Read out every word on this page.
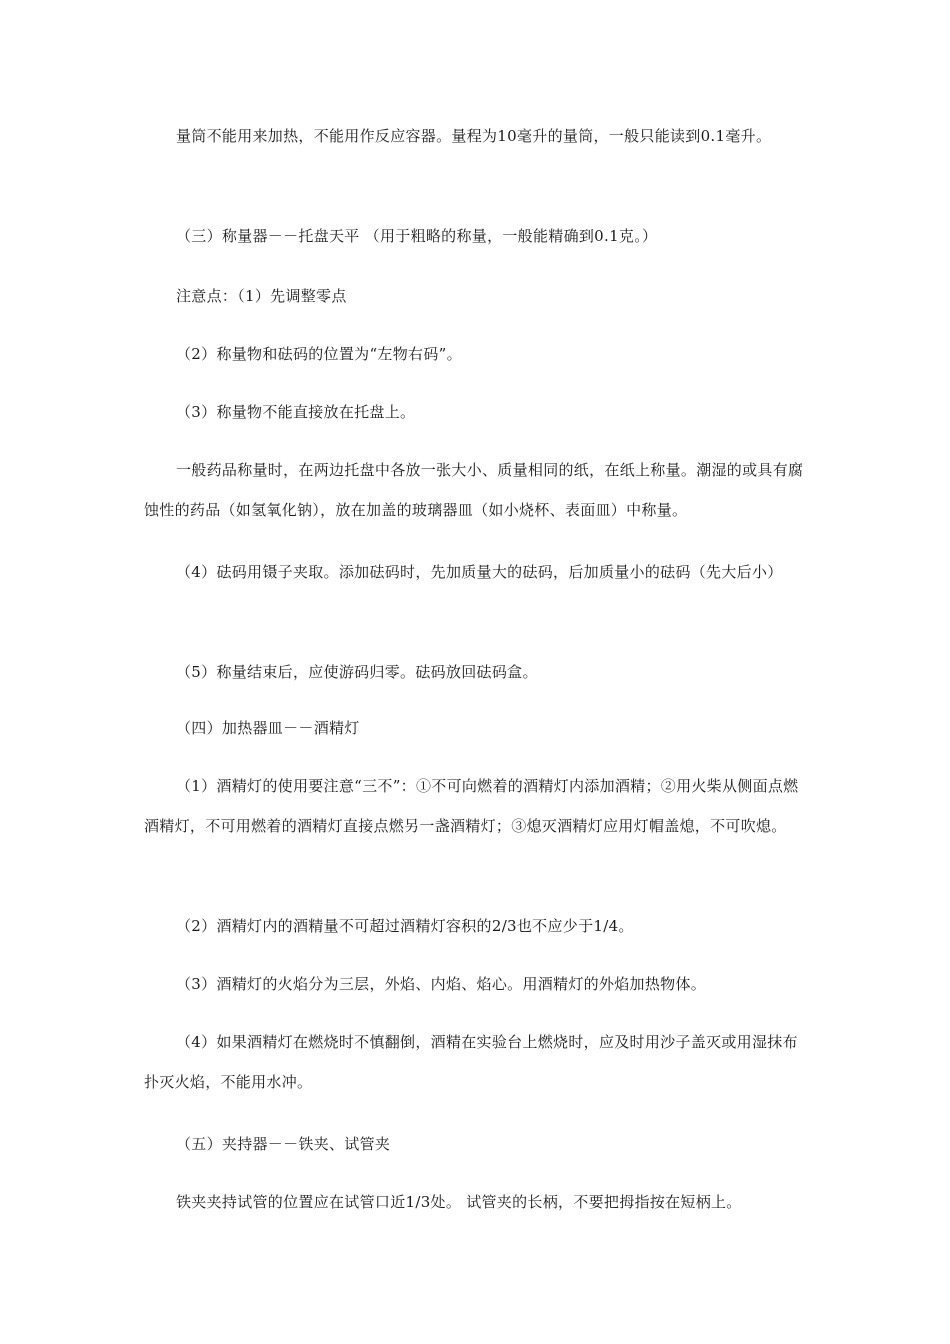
量筒不能用来加热，不能用作反应容器。量程为10毫升的量筒，一般只能读到0.1毫升。

（三）称量器－－托盘天平 （用于粗略的称量，一般能精确到0.1克。）

注意点：（1）先调整零点

（2）称量物和砝码的位置为“左物右码”。

（3）称量物不能直接放在托盘上。

一般药品称量时，在两边托盘中各放一张大小、质量相同的纸，在纸上称量。潮湿的或具有腐蚀性的药品（如氢氧化钠），放在加盖的玻璃器皿（如小烧杯、表面皿）中称量。

（4）砝码用镊子夹取。添加砝码时，先加质量大的砝码，后加质量小的砝码（先大后小）

（5）称量结束后，应使游码归零。砝码放回砝码盒。

（四）加热器皿－－酒精灯

（1）酒精灯的使用要注意“三不”：①不可向燃着的酒精灯内添加酒精；②用火柴从侧面点燃酒精灯，不可用燃着的酒精灯直接点燃另一盏酒精灯；③熄灭酒精灯应用灯帽盖熄，不可吹熄。

（2）酒精灯内的酒精量不可超过酒精灯容积的2/3也不应少于1/4。

（3）酒精灯的火焰分为三层，外焰、内焰、焰心。用酒精灯的外焰加热物体。

（4）如果酒精灯在燃烧时不慎翻倒，酒精在实验台上燃烧时，应及时用沙子盖灭或用湿抹布扑灭火焰，不能用水冲。

（五）夹持器－－铁夹、试管夹

铁夹夹持试管的位置应在试管口近1/3处。 试管夹的长柄，不要把拇指按在短柄上。
